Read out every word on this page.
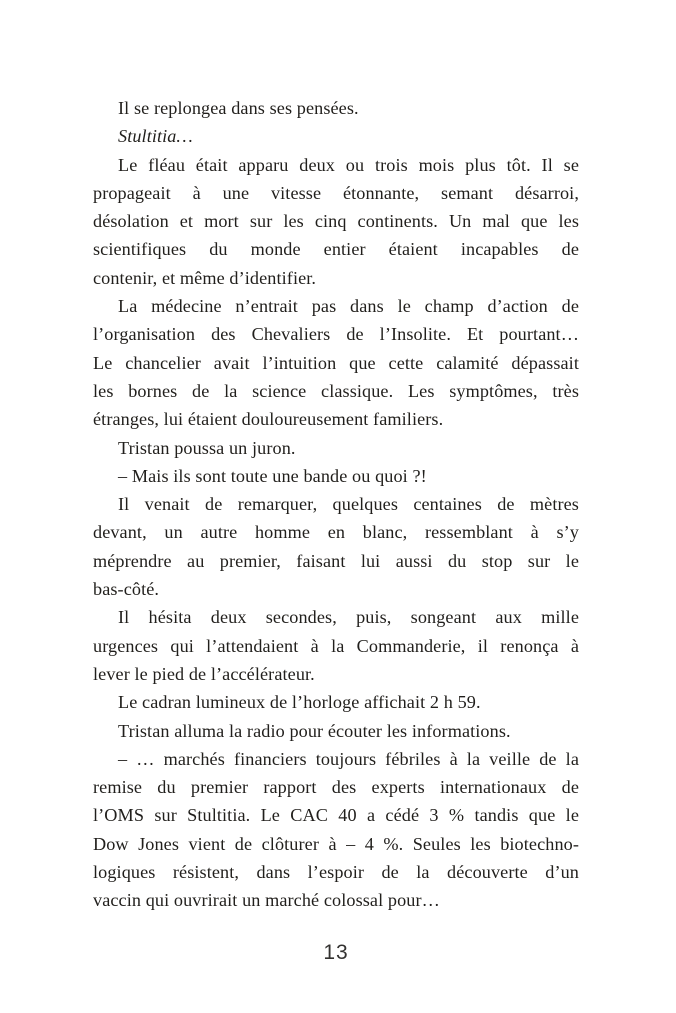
Il se replongea dans ses pensées.
Stultitia…
Le fléau était apparu deux ou trois mois plus tôt. Il se
propageait à une vitesse étonnante, semant désarroi,
désolation et mort sur les cinq continents. Un mal que les
scientifiques du monde entier étaient incapables de
contenir, et même d’identifier.
La médecine n’entrait pas dans le champ d’action de
l’organisation des Chevaliers de l’Insolite. Et pourtant…
Le chancelier avait l’intuition que cette calamité dépassait
les bornes de la science classique. Les symptômes, très
étranges, lui étaient douloureusement familiers.
Tristan poussa un juron.
– Mais ils sont toute une bande ou quoi ?!
Il venait de remarquer, quelques centaines de mètres
devant, un autre homme en blanc, ressemblant à s’y
méprendre au premier, faisant lui aussi du stop sur le
bas-côté.
Il hésita deux secondes, puis, songeant aux mille
urgences qui l’attendaient à la Commanderie, il renonça à
lever le pied de l’accélérateur.
Le cadran lumineux de l’horloge affichait 2 h 59.
Tristan alluma la radio pour écouter les informations.
– … marchés financiers toujours fébriles à la veille de la
remise du premier rapport des experts internationaux de
l’OMS sur Stultitia. Le CAC 40 a cédé 3 % tandis que le
Dow Jones vient de clôturer à – 4 %. Seules les biotechno-
logiques résistent, dans l’espoir de la découverte d’un
vaccin qui ouvrirait un marché colossal pour…
13
